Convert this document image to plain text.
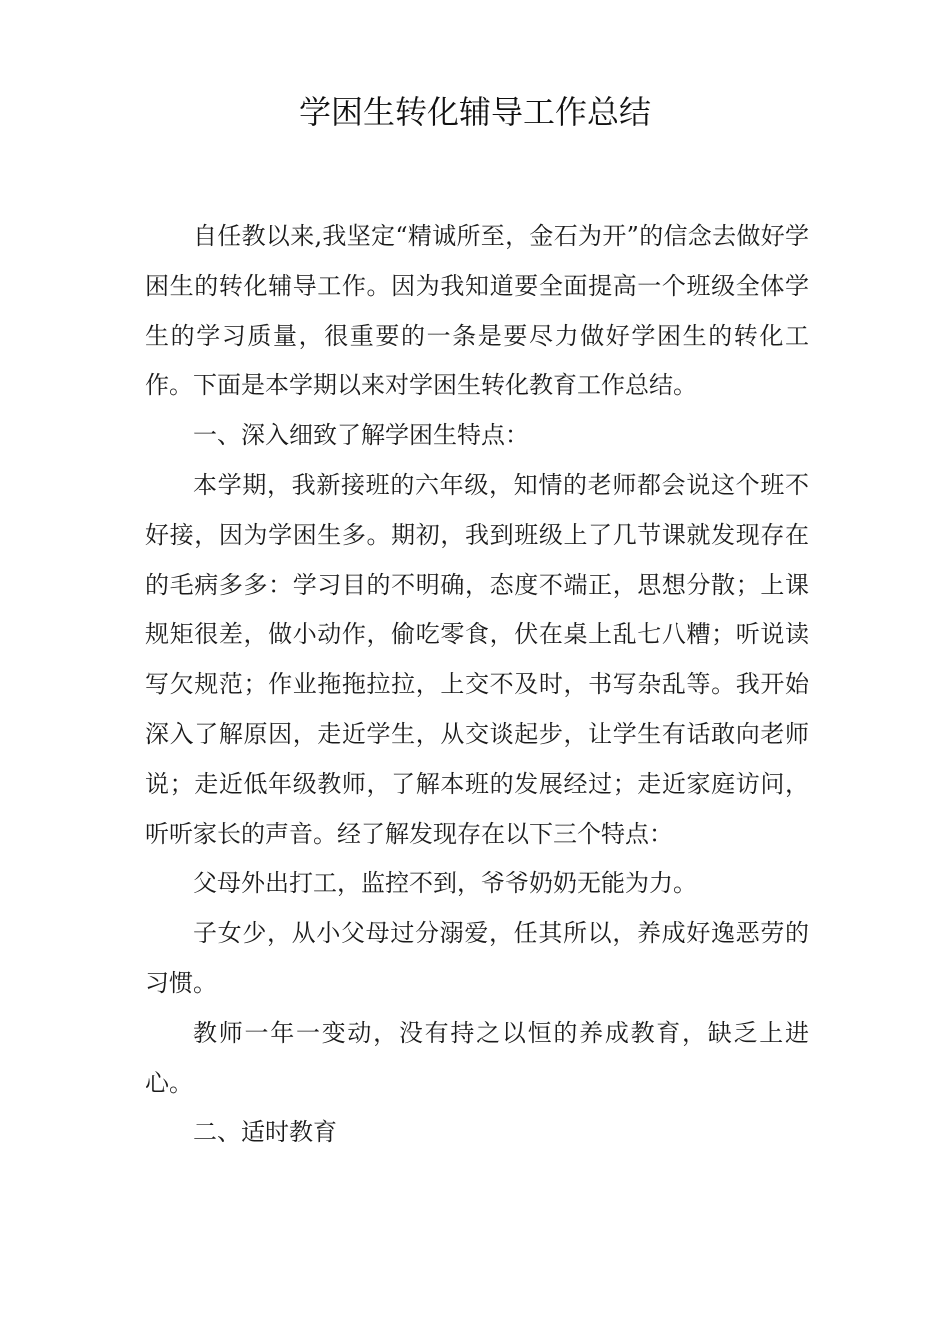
学困生转化辅导工作总结

自任教以来,我坚定“精诚所至，金石为开”的信念去做好学困生的转化辅导工作。因为我知道要全面提高一个班级全体学生的学习质量，很重要的一条是要尽力做好学困生的转化工作。下面是本学期以来对学困生转化教育工作总结。

一、深入细致了解学困生特点：

本学期，我新接班的六年级，知情的老师都会说这个班不好接，因为学困生多。期初，我到班级上了几节课就发现存在的毛病多多：学习目的不明确，态度不端正，思想分散；上课规矩很差，做小动作，偷吃零食，伏在桌上乱七八糟；听说读写欠规范；作业拖拖拉拉，上交不及时，书写杂乱等。我开始深入了解原因，走近学生，从交谈起步，让学生有话敢向老师说；走近低年级教师，了解本班的发展经过；走近家庭访问，听听家长的声音。经了解发现存在以下三个特点：

父母外出打工，监控不到，爷爷奶奶无能为力。

子女少，从小父母过分溺爱，任其所以，养成好逸恶劳的习惯。

教师一年一变动，没有持之以恒的养成教育，缺乏上进心。

二、适时教育
